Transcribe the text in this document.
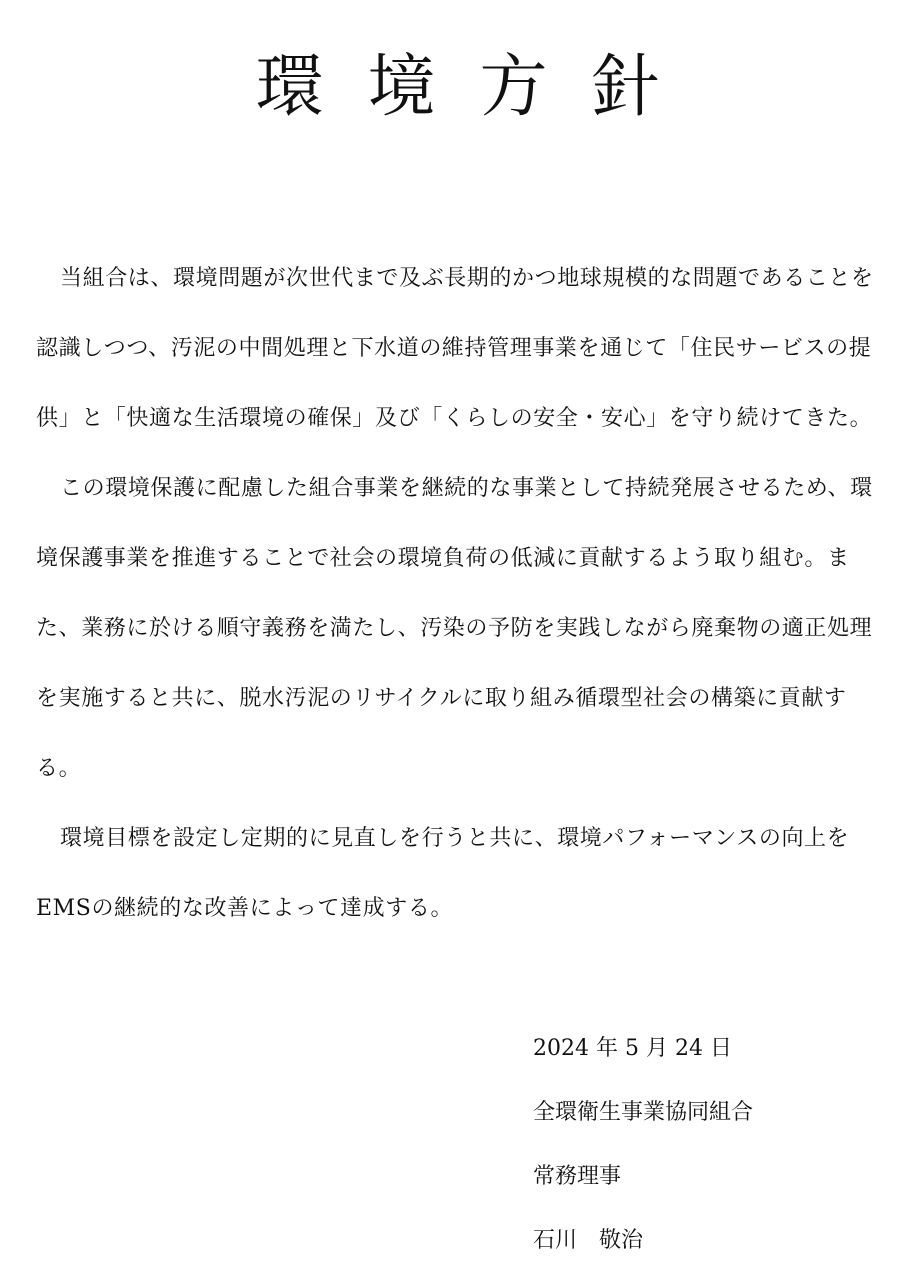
環境方針

当組合は、環境問題が次世代まで及ぶ長期的かつ地球規模的な問題であることを認識しつつ、汚泥の中間処理と下水道の維持管理事業を通じて「住民サービスの提供」と「快適な生活環境の確保」及び「くらしの安全・安心」を守り続けてきた。

この環境保護に配慮した組合事業を継続的な事業として持続発展させるため、環境保護事業を推進することで社会の環境負荷の低減に貢献するよう取り組む。また、業務に於ける順守義務を満たし、汚染の予防を実践しながら廃棄物の適正処理を実施すると共に、脱水汚泥のリサイクルに取り組み循環型社会の構築に貢献する。

環境目標を設定し定期的に見直しを行うと共に、環境パフォーマンスの向上をEMSの継続的な改善によって達成する。

2024 年 5 月 24 日
全環衛生事業協同組合
常務理事
石川　敬治
